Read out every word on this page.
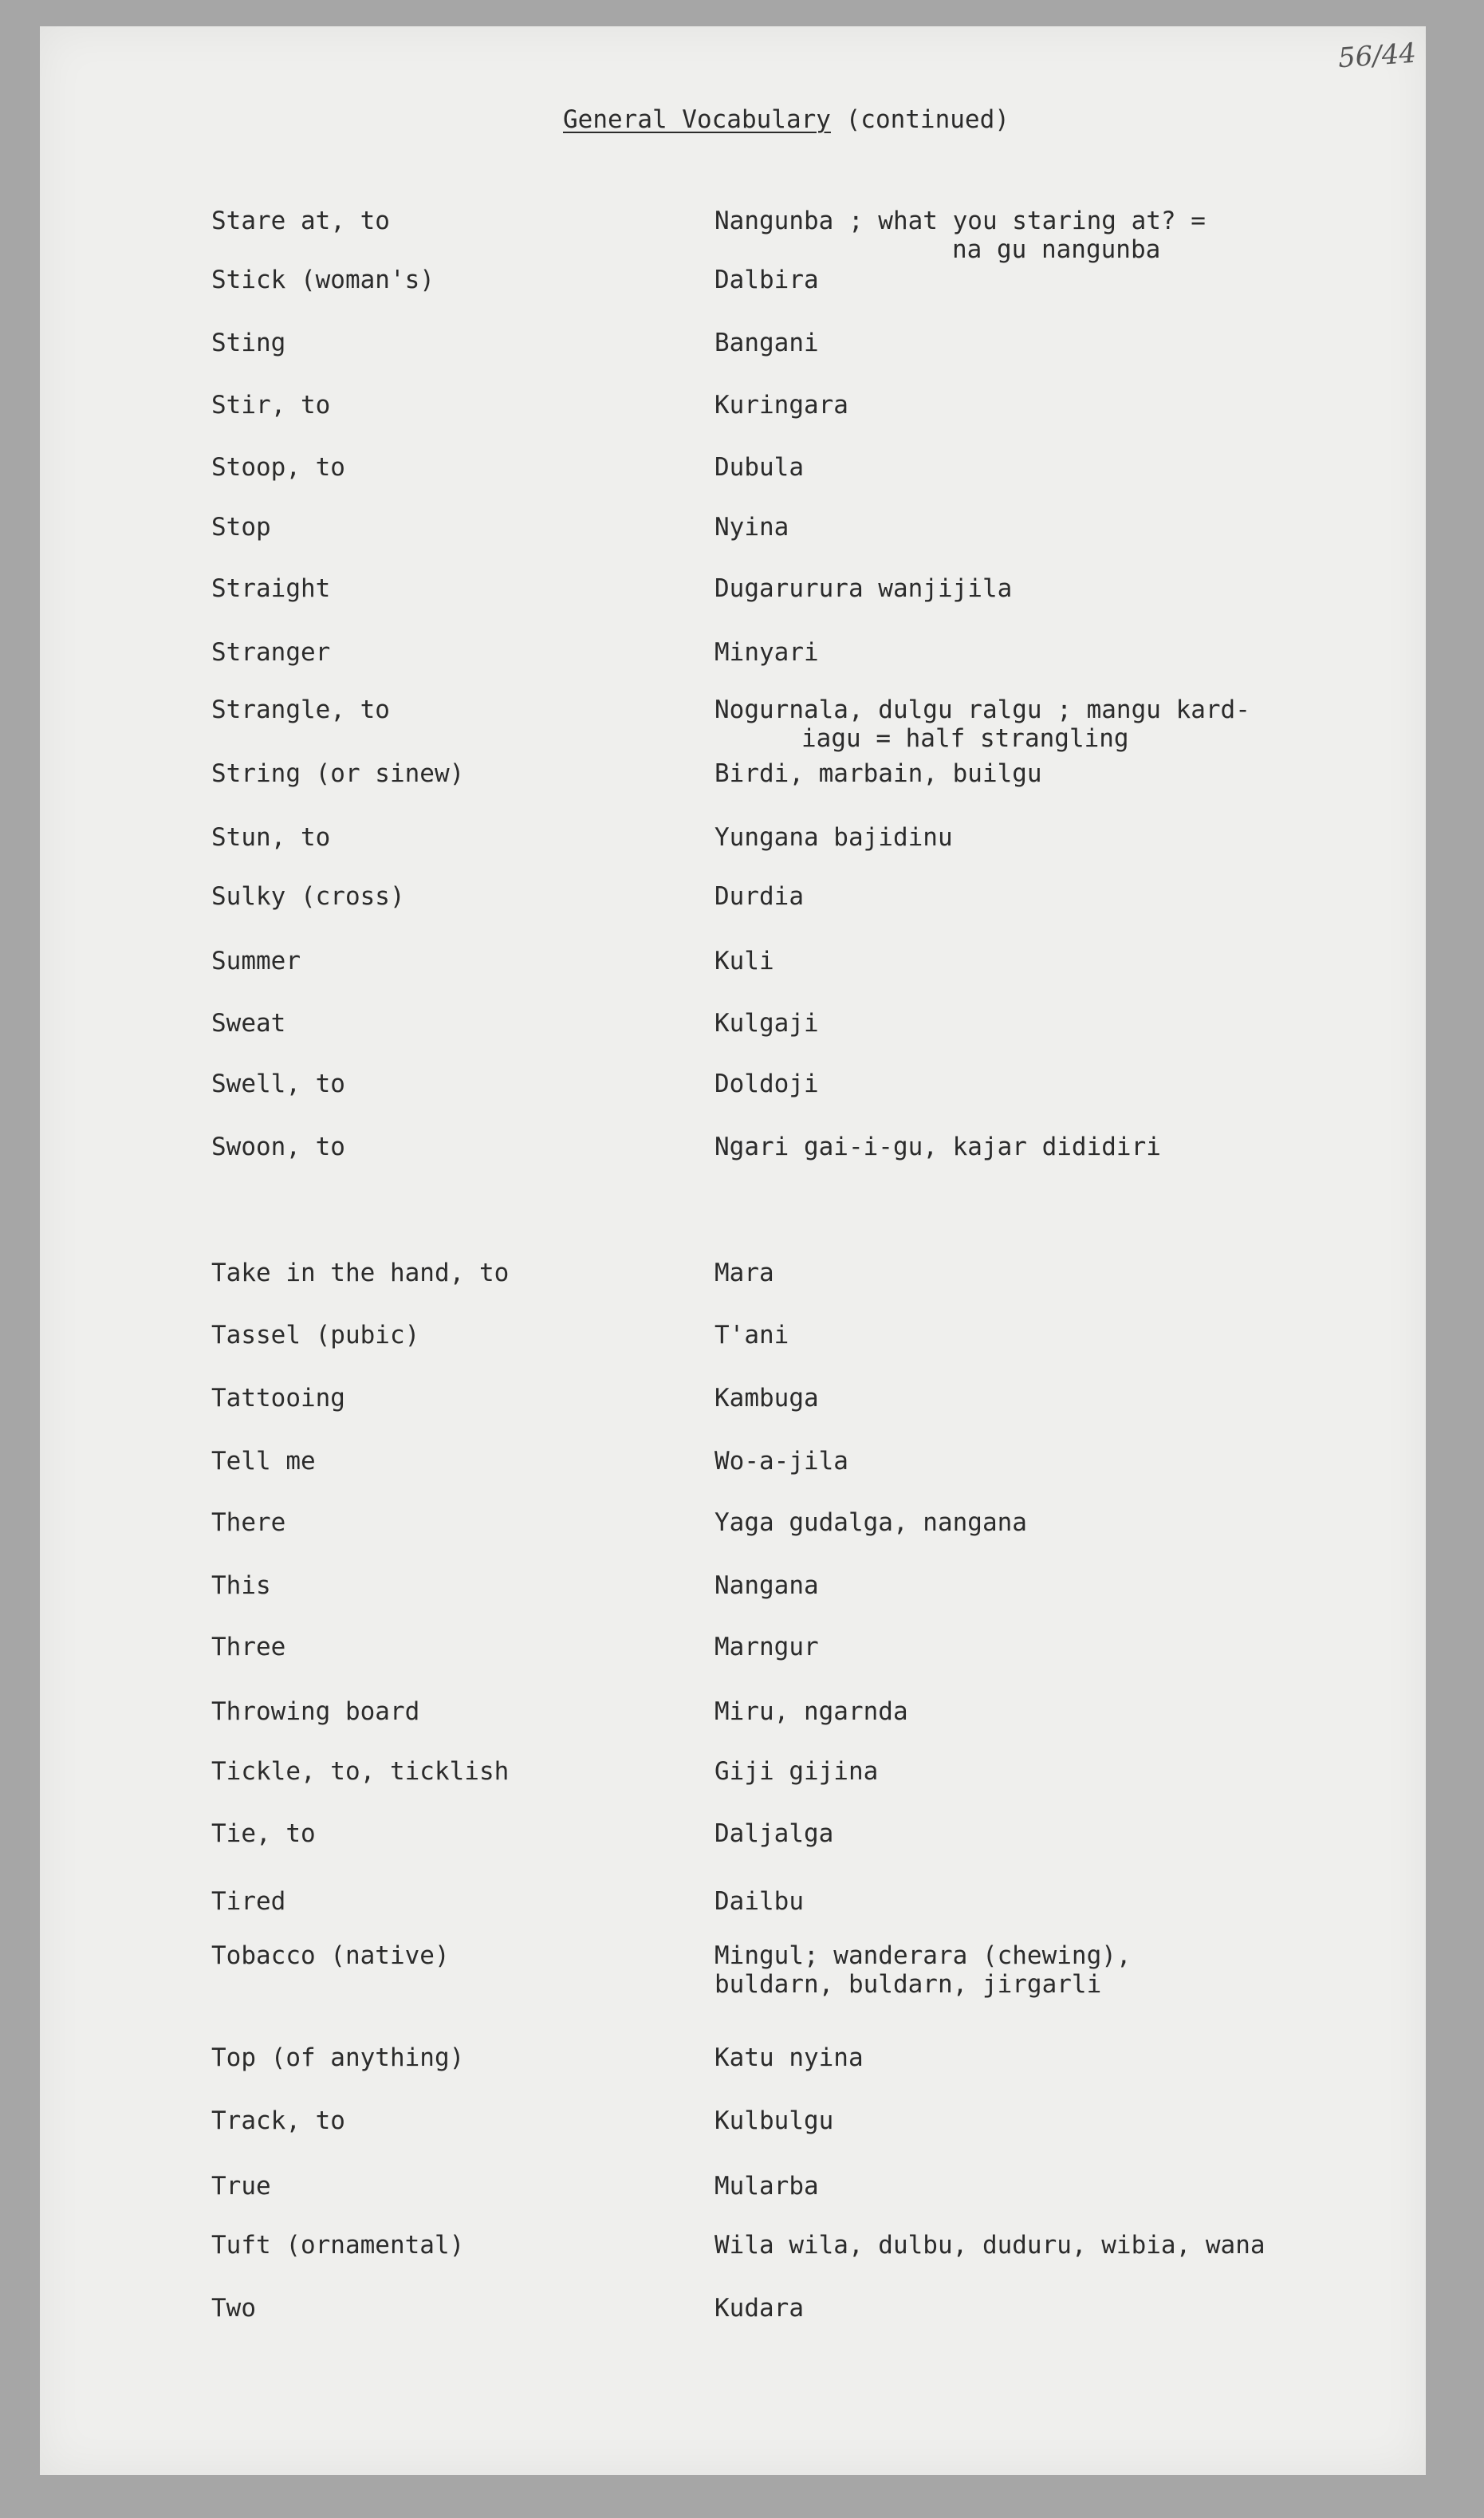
56/44
General Vocabulary (continued)
Stare at, to	Nangunba ; what you staring at? =
na gu nangunba
Stick (woman's)	Dalbira
Sting	Bangani
Stir, to	Kuringara
Stoop, to	Dubula
Stop	Nyina
Straight	Dugarurura wanjijila
Stranger	Minyari
Strangle, to	Nogurnala, dulgu ralgu ; mangu kard-
iagu = half strangling
String (or sinew)	Birdi, marbain, builgu
Stun, to	Yungana bajidinu
Sulky (cross)	Durdia
Summer	Kuli
Sweat	Kulgaji
Swell, to	Doldoji
Swoon, to	Ngari gai-i-gu, kajar dididiri
Take in the hand, to	Mara
Tassel (pubic)	T'ani
Tattooing	Kambuga
Tell me	Wo-a-jila
There	Yaga gudalga, nangana
This	Nangana
Three	Marngur
Throwing board	Miru, ngarnda
Tickle, to, ticklish	Giji gijina
Tie, to	Daljalga
Tired	Dailbu
Tobacco (native)	Mingul; wanderara (chewing),
buldarn, buldarn, jirgarli
Top (of anything)	Katu nyina
Track, to	Kulbulgu
True	Mularba
Tuft (ornamental)	Wila wila, dulbu, duduru, wibia, wana
Two	Kudara
